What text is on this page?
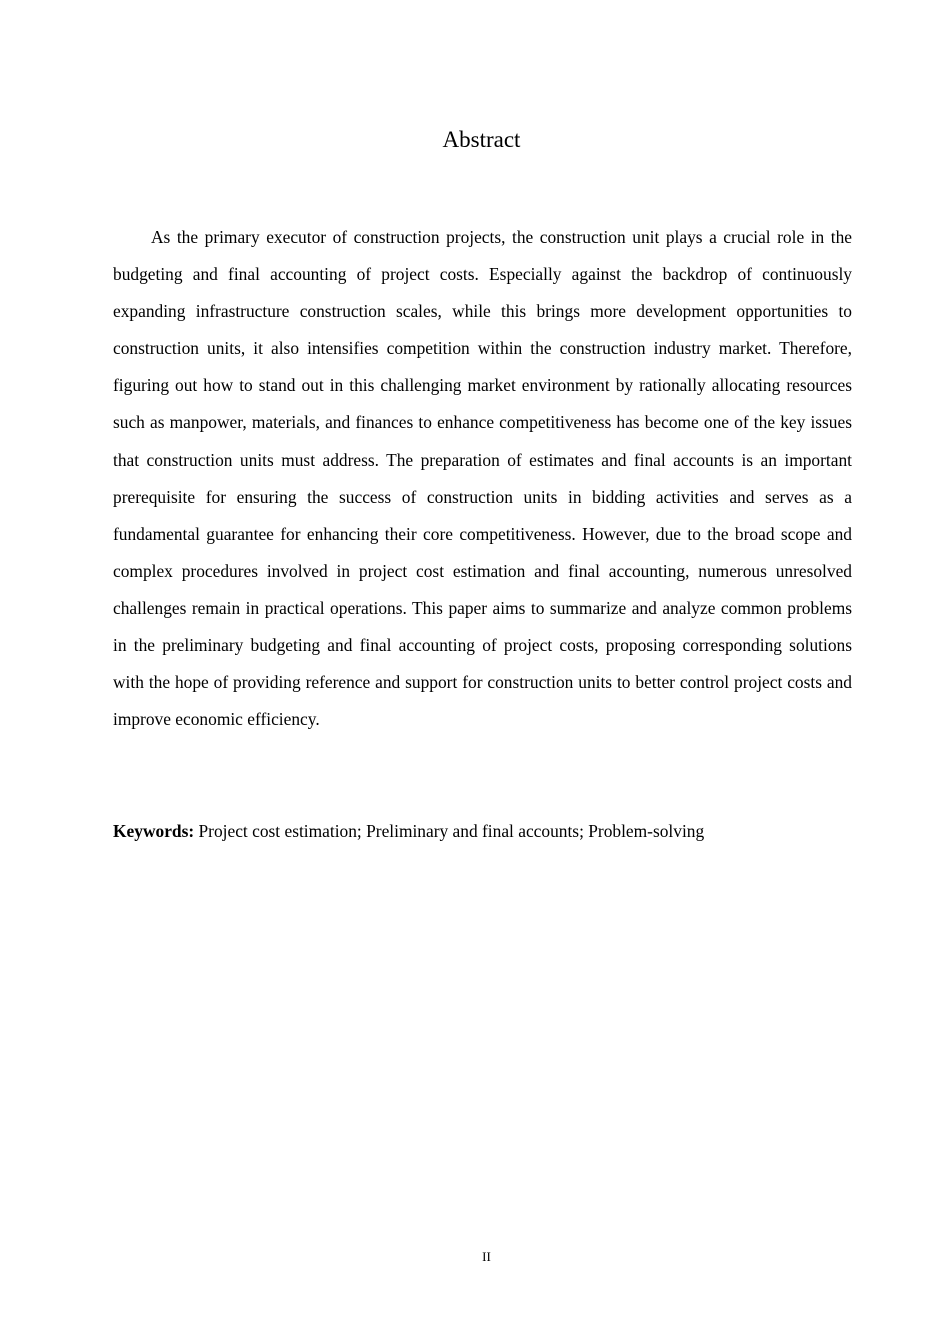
Abstract

As the primary executor of construction projects, the construction unit plays a crucial role in the budgeting and final accounting of project costs. Especially against the backdrop of continuously expanding infrastructure construction scales, while this brings more development opportunities to construction units, it also intensifies competition within the construction industry market. Therefore, figuring out how to stand out in this challenging market environment by rationally allocating resources such as manpower, materials, and finances to enhance competitiveness has become one of the key issues that construction units must address. The preparation of estimates and final accounts is an important prerequisite for ensuring the success of construction units in bidding activities and serves as a fundamental guarantee for enhancing their core competitiveness. However, due to the broad scope and complex procedures involved in project cost estimation and final accounting, numerous unresolved challenges remain in practical operations. This paper aims to summarize and analyze common problems in the preliminary budgeting and final accounting of project costs, proposing corresponding solutions with the hope of providing reference and support for construction units to better control project costs and improve economic efficiency.

Keywords: Project cost estimation; Preliminary and final accounts; Problem-solving

II
